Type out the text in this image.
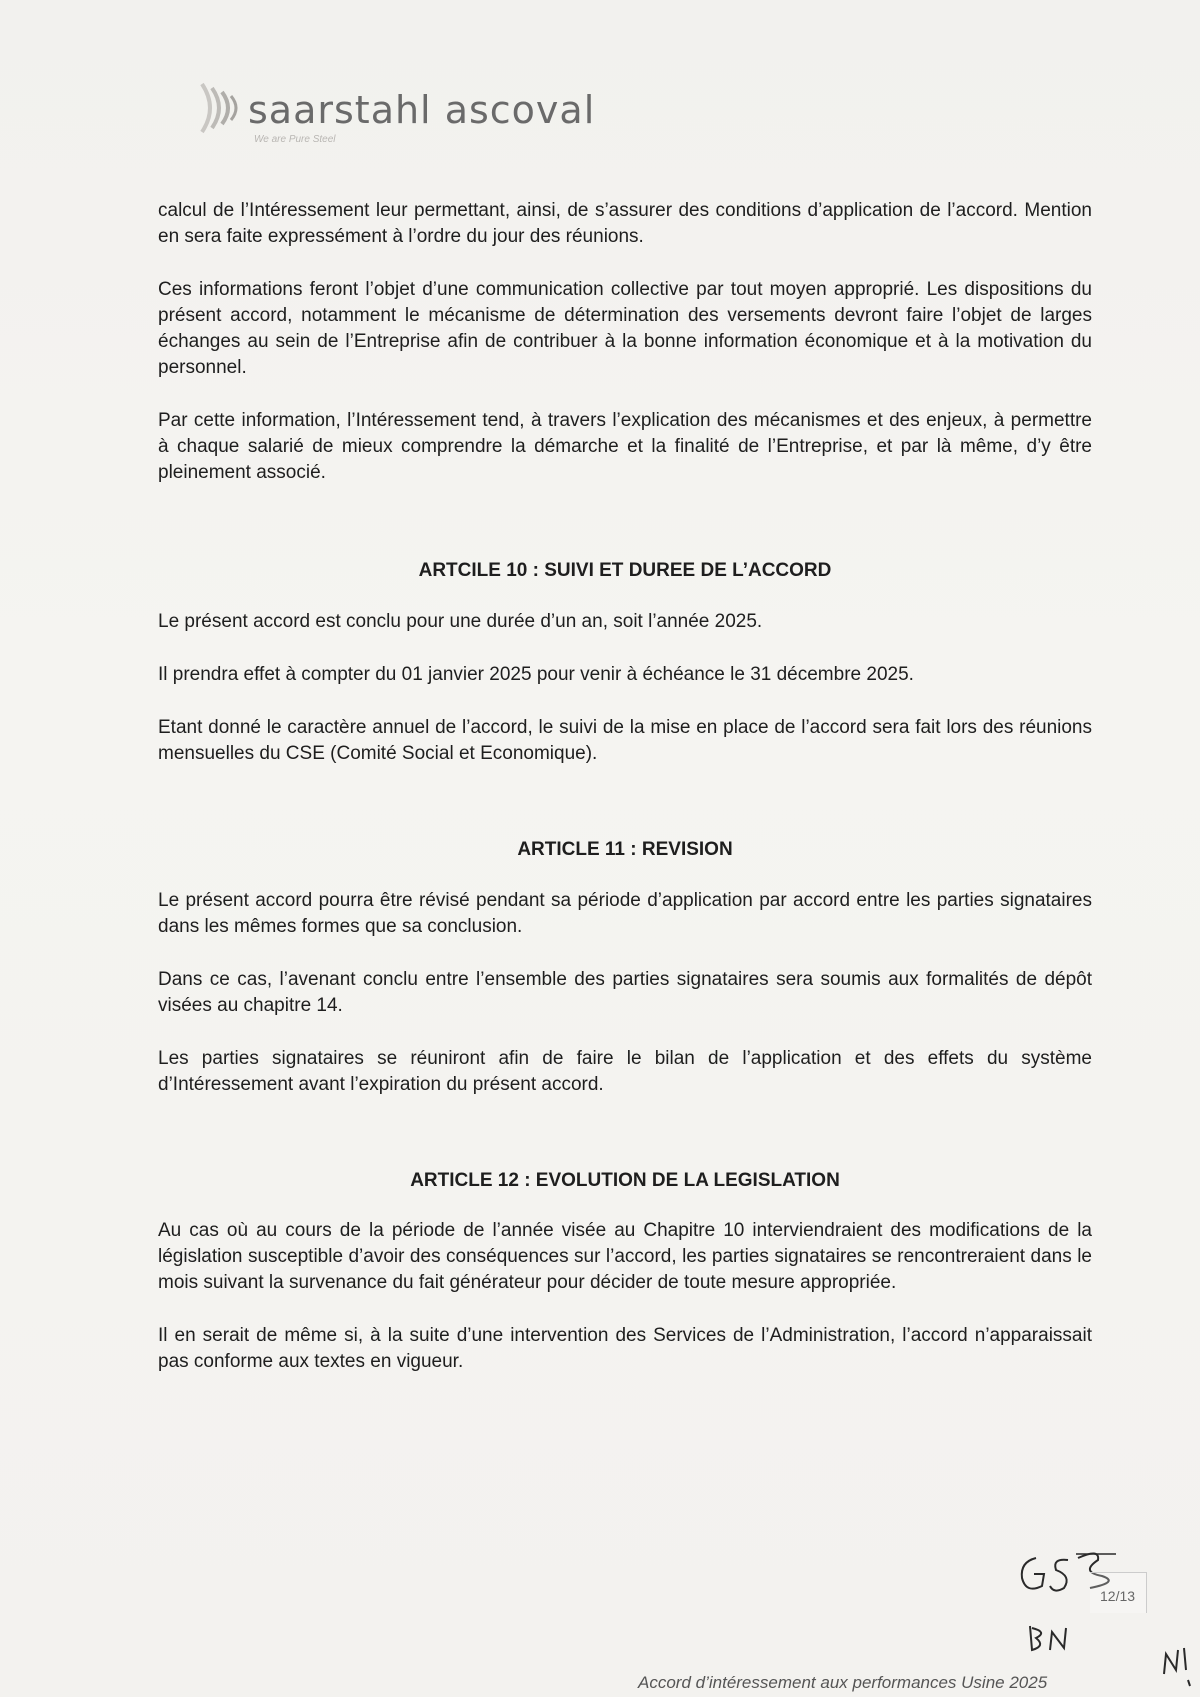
saarstahl ascoval
We are Pure Steel

calcul de l’Intéressement leur permettant, ainsi, de s’assurer des conditions d’application de l’accord. Mention en sera faite expressément à l’ordre du jour des réunions.

Ces informations feront l’objet d’une communication collective par tout moyen approprié. Les dispositions du présent accord, notamment le mécanisme de détermination des versements devront faire l’objet de larges échanges au sein de l’Entreprise afin de contribuer à la bonne information économique et à la motivation du personnel.

Par cette information, l’Intéressement tend, à travers l’explication des mécanismes et des enjeux, à permettre à chaque salarié de mieux comprendre la démarche et la finalité de l’Entreprise, et par là même, d’y être pleinement associé.

ARTCILE 10 : SUIVI ET DUREE DE L’ACCORD

Le présent accord est conclu pour une durée d’un an, soit l’année 2025.

Il prendra effet à compter du 01 janvier 2025 pour venir à échéance le 31 décembre 2025.

Etant donné le caractère annuel de l’accord, le suivi de la mise en place de l’accord sera fait lors des réunions mensuelles du CSE (Comité Social et Economique).

ARTICLE 11 : REVISION

Le présent accord pourra être révisé pendant sa période d’application par accord entre les parties signataires dans les mêmes formes que sa conclusion.

Dans ce cas, l’avenant conclu entre l’ensemble des parties signataires sera soumis aux formalités de dépôt visées au chapitre 14.

Les parties signataires se réuniront afin de faire le bilan de l’application et des effets du système d’Intéressement avant l’expiration du présent accord.

ARTICLE 12 : EVOLUTION DE LA LEGISLATION

Au cas où au cours de la période de l’année visée au Chapitre 10 interviendraient des modifications de la législation susceptible d’avoir des conséquences sur l’accord, les parties signataires se rencontreraient dans le mois suivant la survenance du fait générateur pour décider de toute mesure appropriée.

Il en serait de même si, à la suite d’une intervention des Services de l’Administration, l’accord n’apparaissait pas conforme aux textes en vigueur.

12/13
Accord d’intéressement aux performances Usine 2025
